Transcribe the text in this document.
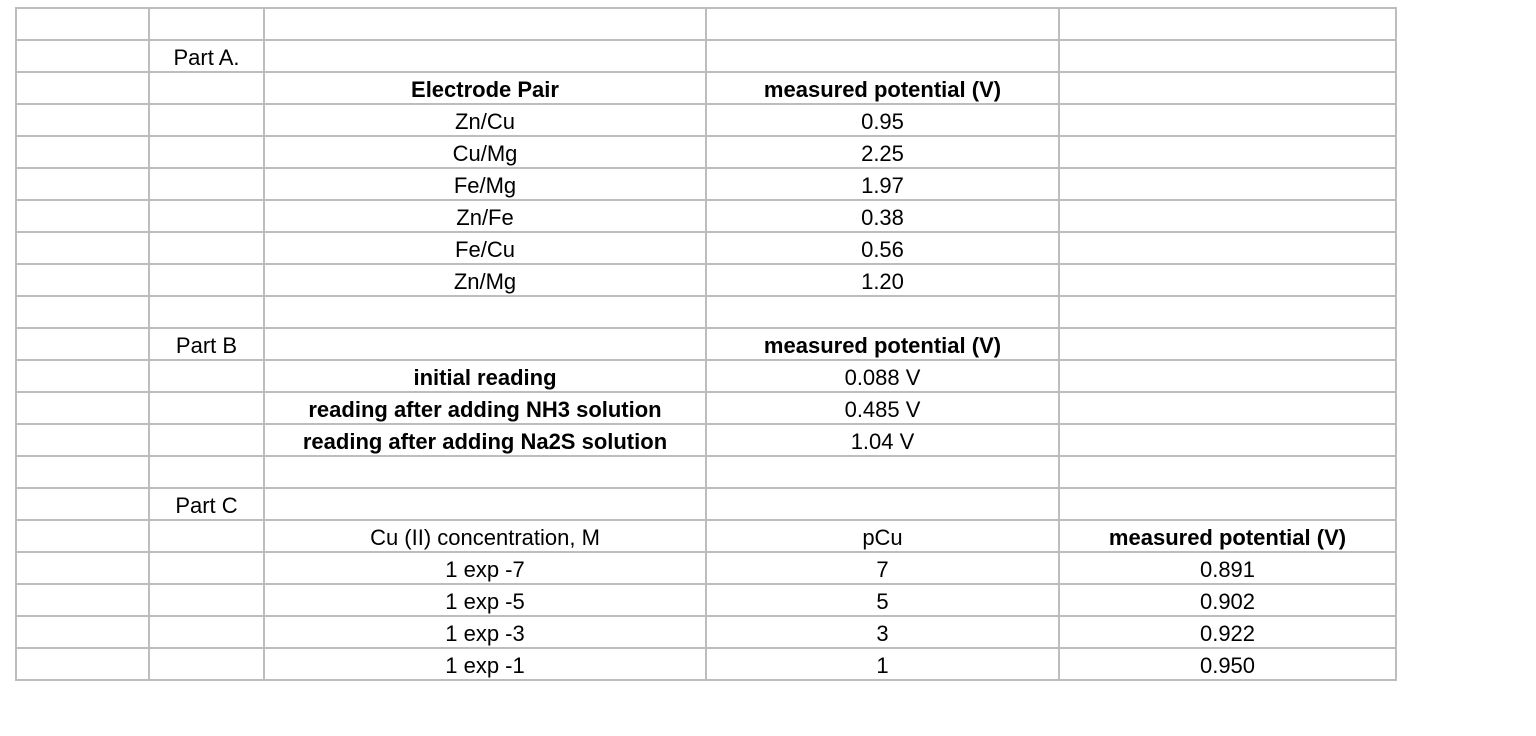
	Part A.			
		Electrode Pair	measured potential (V)	
		Zn/Cu	0.95	
		Cu/Mg	2.25	
		Fe/Mg	1.97	
		Zn/Fe	0.38	
		Fe/Cu	0.56	
		Zn/Mg	1.20	

	Part B		measured potential (V)	
		initial reading	0.088 V	
		reading after adding NH3 solution	0.485 V	
		reading after adding Na2S solution	1.04 V	

	Part C			
		Cu (II) concentration, M	pCu	measured potential (V)
		1 exp -7	7	0.891
		1 exp -5	5	0.902
		1 exp -3	3	0.922
		1 exp -1	1	0.950
